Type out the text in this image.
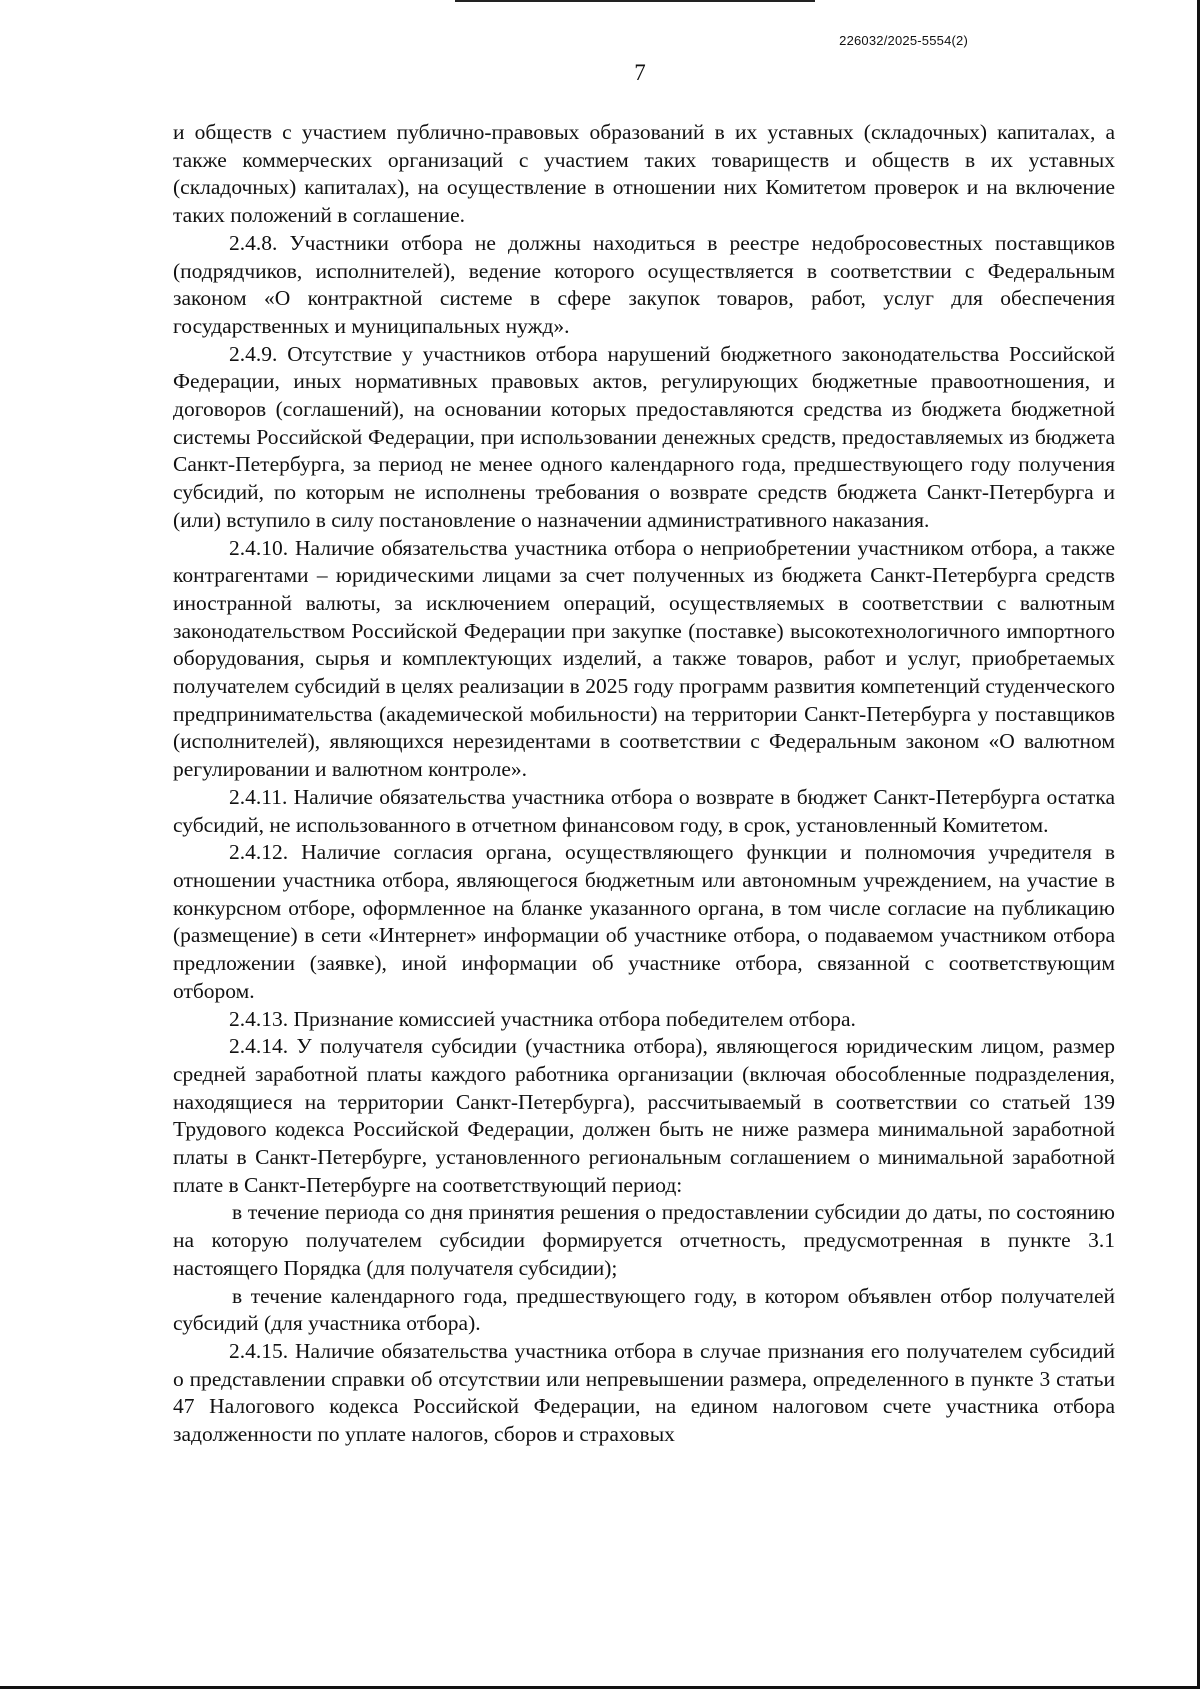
226032/2025-5554(2)
7

и обществ с участием публично-правовых образований в их уставных (складочных) капиталах, а также коммерческих организаций с участием таких товариществ и обществ в их уставных (складочных) капиталах), на осуществление в отношении них Комитетом проверок и на включение таких положений в соглашение.

2.4.8. Участники отбора не должны находиться в реестре недобросовестных поставщиков (подрядчиков, исполнителей), ведение которого осуществляется в соответствии с Федеральным законом «О контрактной системе в сфере закупок товаров, работ, услуг для обеспечения государственных и муниципальных нужд».

2.4.9. Отсутствие у участников отбора нарушений бюджетного законодательства Российской Федерации, иных нормативных правовых актов, регулирующих бюджетные правоотношения, и договоров (соглашений), на основании которых предоставляются средства из бюджета бюджетной системы Российской Федерации, при использовании денежных средств, предоставляемых из бюджета Санкт-Петербурга, за период не менее одного календарного года, предшествующего году получения субсидий, по которым не исполнены требования о возврате средств бюджета Санкт-Петербурга и (или) вступило в силу постановление о назначении административного наказания.

2.4.10. Наличие обязательства участника отбора о неприобретении участником отбора, а также контрагентами – юридическими лицами за счет полученных из бюджета Санкт-Петербурга средств иностранной валюты, за исключением операций, осуществляемых в соответствии с валютным законодательством Российской Федерации при закупке (поставке) высокотехнологичного импортного оборудования, сырья и комплектующих изделий, а также товаров, работ и услуг, приобретаемых получателем субсидий в целях реализации в 2025 году программ развития компетенций студенческого предпринимательства (академической мобильности) на территории Санкт-Петербурга у поставщиков (исполнителей), являющихся нерезидентами в соответствии с Федеральным законом «О валютном регулировании и валютном контроле».

2.4.11. Наличие обязательства участника отбора о возврате в бюджет Санкт-Петербурга остатка субсидий, не использованного в отчетном финансовом году, в срок, установленный Комитетом.

2.4.12. Наличие согласия органа, осуществляющего функции и полномочия учредителя в отношении участника отбора, являющегося бюджетным или автономным учреждением, на участие в конкурсном отборе, оформленное на бланке указанного органа, в том числе согласие на публикацию (размещение) в сети «Интернет» информации об участнике отбора, о подаваемом участником отбора предложении (заявке), иной информации об участнике отбора, связанной с соответствующим отбором.

2.4.13. Признание комиссией участника отбора победителем отбора.

2.4.14. У получателя субсидии (участника отбора), являющегося юридическим лицом, размер средней заработной платы каждого работника организации (включая обособленные подразделения, находящиеся на территории Санкт-Петербурга), рассчитываемый в соответствии со статьей 139 Трудового кодекса Российской Федерации, должен быть не ниже размера минимальной заработной платы в Санкт-Петербурге, установленного региональным соглашением о минимальной заработной плате в Санкт-Петербурге на соответствующий период:

в течение периода со дня принятия решения о предоставлении субсидии до даты, по состоянию на которую получателем субсидии формируется отчетность, предусмотренная в пункте 3.1 настоящего Порядка (для получателя субсидии);

в течение календарного года, предшествующего году, в котором объявлен отбор получателей субсидий (для участника отбора).

2.4.15. Наличие обязательства участника отбора в случае признания его получателем субсидий о представлении справки об отсутствии или непревышении размера, определенного в пункте 3 статьи 47 Налогового кодекса Российской Федерации, на едином налоговом счете участника отбора задолженности по уплате налогов, сборов и страховых
